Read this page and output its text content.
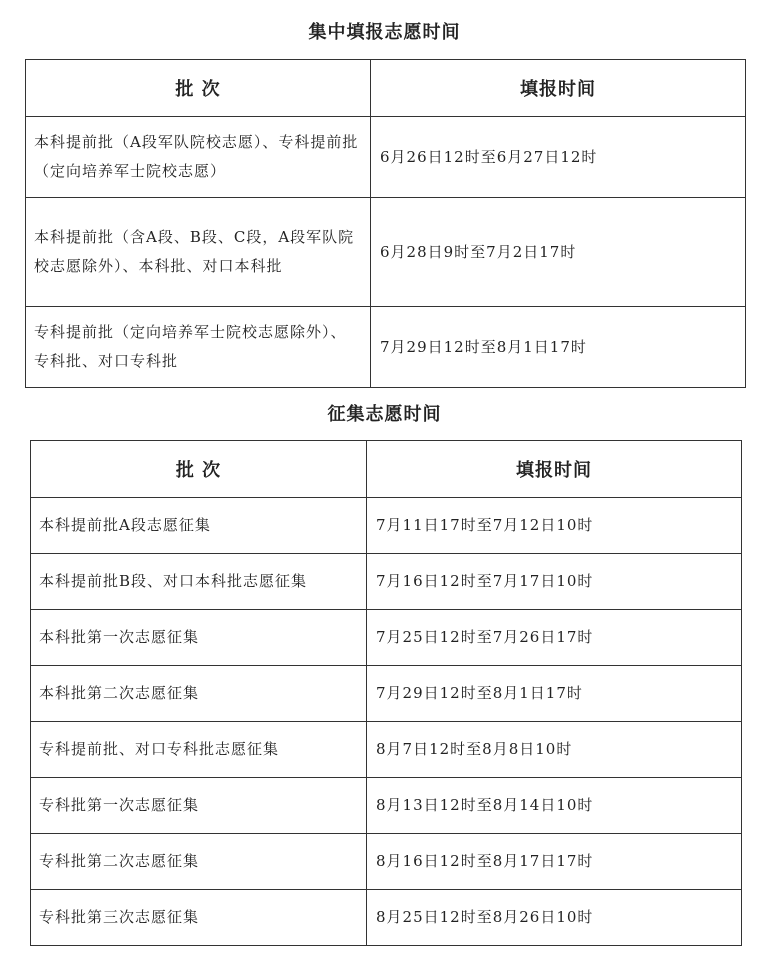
集中填报志愿时间
批 次	填报时间
本科提前批（A段军队院校志愿）、专科提前批（定向培养军士院校志愿）	6月26日12时至6月27日12时
本科提前批（含A段、B段、C段，A段军队院校志愿除外）、本科批、对口本科批	6月28日9时至7月2日17时
专科提前批（定向培养军士院校志愿除外）、专科批、对口专科批	7月29日12时至8月1日17时
征集志愿时间
批 次	填报时间
本科提前批A段志愿征集	7月11日17时至7月12日10时
本科提前批B段、对口本科批志愿征集	7月16日12时至7月17日10时
本科批第一次志愿征集	7月25日12时至7月26日17时
本科批第二次志愿征集	7月29日12时至8月1日17时
专科提前批、对口专科批志愿征集	8月7日12时至8月8日10时
专科批第一次志愿征集	8月13日12时至8月14日10时
专科批第二次志愿征集	8月16日12时至8月17日17时
专科批第三次志愿征集	8月25日12时至8月26日10时
